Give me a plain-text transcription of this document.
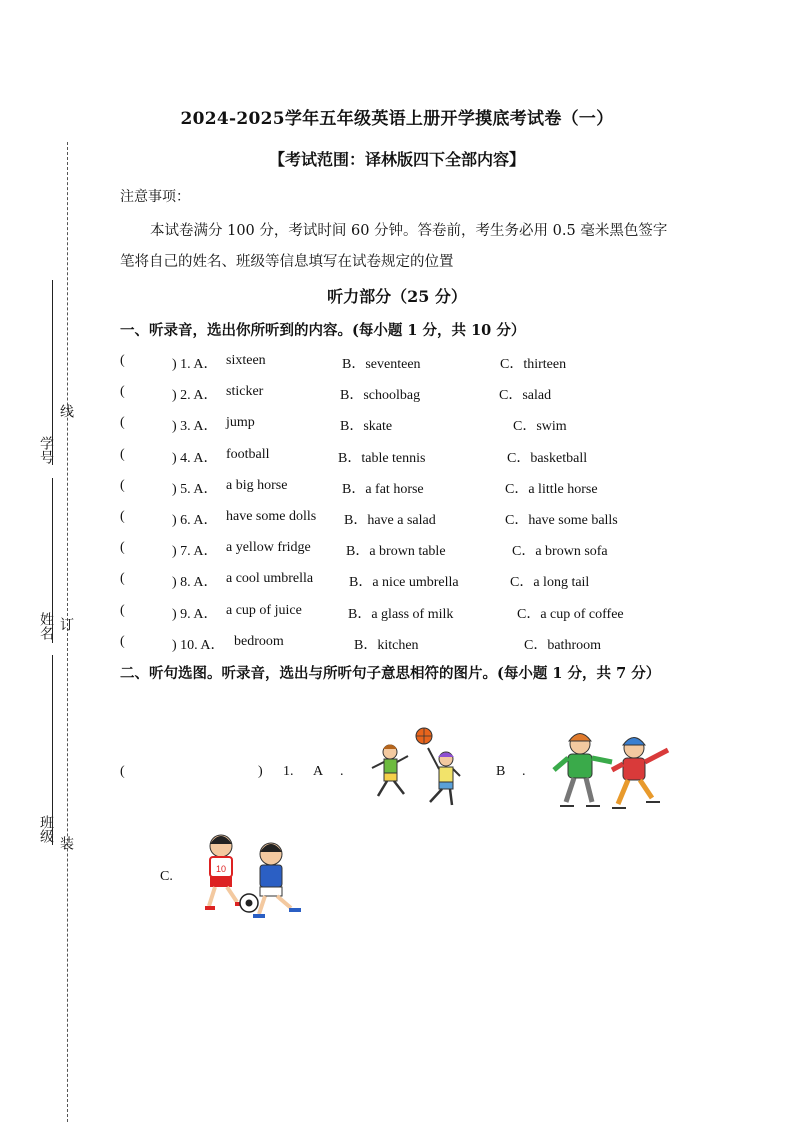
学号
线
姓名 订
班级 装
2024-2025学年五年级英语上册开学摸底考试卷（一）
【考试范围：译林版四下全部内容】
注意事项：
本试卷满分 100 分，考试时间 60 分钟。答卷前，考生务必用 0.5 毫米黑色签字笔将自己的姓名、班级等信息填写在试卷规定的位置
听力部分（25 分）
一、听录音，选出你所听到的内容。(每小题 1 分，共 10 分）
(	) 1. A． sixteen	B．seventeen	C．thirteen
(	) 2. A． sticker	B．schoolbag	C．salad
(	) 3. A． jump	B．skate	C．swim
(	) 4. A． football	B．table tennis	C．basketball
(	) 5. A． a big horse	B．a fat horse	C．a little horse
(	) 6. A． have some dolls B．have a salad	C．have some balls
(	) 7. A． a yellow fridge	B．a brown table	C．a brown sofa
(	) 8. A． a cool umbrella	B．a nice umbrella	C．a long tail
(	) 9. A． a cup of juice	B．a glass of milk	C．a cup of coffee
(	) 10. A． bedroom	B．kitchen	C．bathroom
二、听句选图。听录音，选出与所听句子意思相符的图片。(每小题 1 分，共 7 分）
(	) 1. A .	B .
C.	10
